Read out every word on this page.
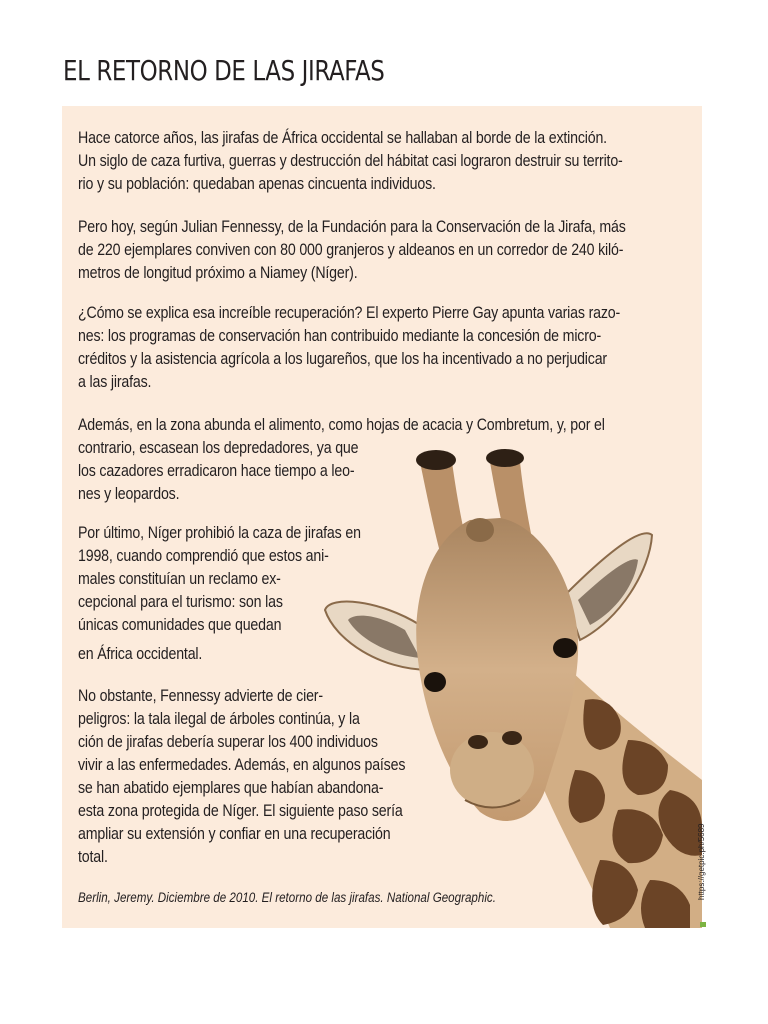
EL RETORNO DE LAS JIRAFAS
Hace catorce años, las jirafas de África occidental se hallaban al borde de la extinción.
Un siglo de caza furtiva, guerras y destrucción del hábitat casi lograron destruir su territo-
rio y su población: quedaban apenas cincuenta individuos.
Pero hoy, según Julian Fennessy, de la Fundación para la Conservación de la Jirafa, más
de 220 ejemplares conviven con 80 000 granjeros y aldeanos en un corredor de 240 kiló-
metros de longitud próximo a Niamey (Níger).
¿Cómo se explica esa increíble recuperación? El experto Pierre Gay apunta varias razo-
nes: los programas de conservación han contribuido mediante la concesión de micro-
créditos y la asistencia agrícola a los lugareños, que los ha incentivado a no perjudicar
a las jirafas.
Además, en la zona abunda el alimento, como hojas de acacia y Combretum, y, por el
contrario, escasean los depredadores, ya que
los cazadores erradicaron hace tiempo a leo-
nes y leopardos.
Por último, Níger prohibió la caza de jirafas en
1998, cuando comprendió que estos ani-
males constituían un reclamo ex-
cepcional para el turismo: son las
únicas comunidades que quedan
en África occidental.
No obstante, Fennessy advierte de cier-
peligros: la tala ilegal de árboles continúa, y la
ción de jirafas debería superar los 400 individuos
vivir a las enfermedades. Además, en algunos países
se han abatido ejemplares que habían abandona-
esta zona protegida de Níger. El siguiente paso sería
ampliar su extensión y confiar en una recuperación
total.
Berlin, Jeremy. Diciembre de 2010. El retorno de las jirafas. National Geographic.	https://getpic.ph/5689
